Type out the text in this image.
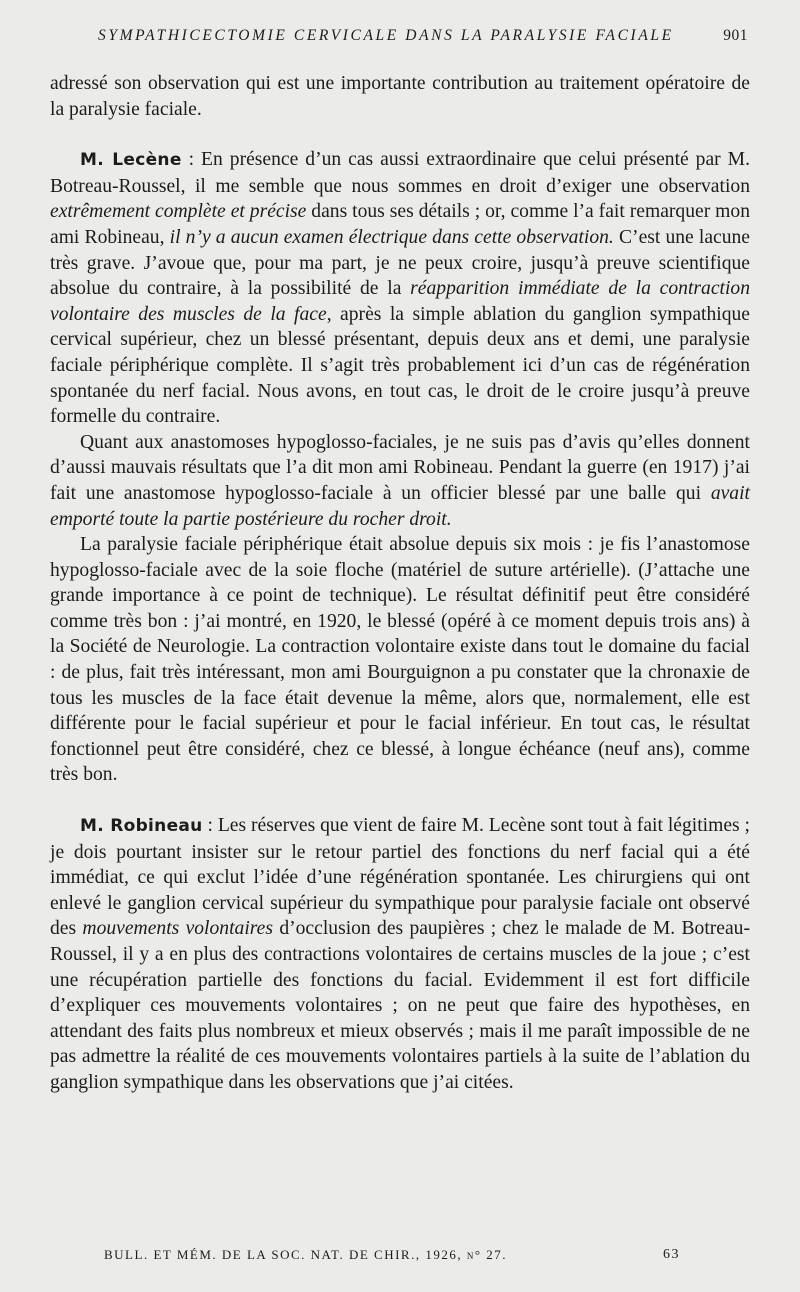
SYMPATHICECTOMIE CERVICALE DANS LA PARALYSIE FACIALE	901

adressé son observation qui est une importante contribution au traitement opératoire de la paralysie faciale.

M. Lecène : En présence d’un cas aussi extraordinaire que celui présenté par M. Botreau-Roussel, il me semble que nous sommes en droit d’exiger une observation extrêmement complète et précise dans tous ses détails ; or, comme l’a fait remarquer mon ami Robineau, il n’y a aucun examen électrique dans cette observation. C’est une lacune très grave. J’avoue que, pour ma part, je ne peux croire, jusqu’à preuve scientifique absolue du contraire, à la possibilité de la réapparition immédiate de la contraction volontaire des muscles de la face, après la simple ablation du ganglion sympathique cervical supérieur, chez un blessé présentant, depuis deux ans et demi, une paralysie faciale périphérique complète. Il s’agit très probablement ici d’un cas de régénération spontanée du nerf facial. Nous avons, en tout cas, le droit de le croire jusqu’à preuve formelle du contraire.

Quant aux anastomoses hypoglosso-faciales, je ne suis pas d’avis qu’elles donnent d’aussi mauvais résultats que l’a dit mon ami Robineau. Pendant la guerre (en 1917) j’ai fait une anastomose hypoglosso-faciale à un officier blessé par une balle qui avait emporté toute la partie postérieure du rocher droit.

La paralysie faciale périphérique était absolue depuis six mois : je fis l’anastomose hypoglosso-faciale avec de la soie floche (matériel de suture artérielle). (J’attache une grande importance à ce point de technique). Le résultat définitif peut être considéré comme très bon : j’ai montré, en 1920, le blessé (opéré à ce moment depuis trois ans) à la Société de Neurologie. La contraction volontaire existe dans tout le domaine du facial : de plus, fait très intéressant, mon ami Bourguignon a pu constater que la chronaxie de tous les muscles de la face était devenue la même, alors que, normalement, elle est différente pour le facial supérieur et pour le facial inférieur. En tout cas, le résultat fonctionnel peut être considéré, chez ce blessé, à longue échéance (neuf ans), comme très bon.

M. Robineau : Les réserves que vient de faire M. Lecène sont tout à fait légitimes ; je dois pourtant insister sur le retour partiel des fonctions du nerf facial qui a été immédiat, ce qui exclut l’idée d’une régénération spontanée. Les chirurgiens qui ont enlevé le ganglion cervical supérieur du sympathique pour paralysie faciale ont observé des mouvements volontaires d’occlusion des paupières ; chez le malade de M. Botreau-Roussel, il y a en plus des contractions volontaires de certains muscles de la joue ; c’est une récupération partielle des fonctions du facial. Evidemment il est fort difficile d’expliquer ces mouvements volontaires ; on ne peut que faire des hypothèses, en attendant des faits plus nombreux et mieux observés ; mais il me paraît impossible de ne pas admettre la réalité de ces mouvements volontaires partiels à la suite de l’ablation du ganglion sympathique dans les observations que j’ai citées.

BULL. ET MÉM. DE LA SOC. NAT. DE CHIR., 1926, n° 27.	63
